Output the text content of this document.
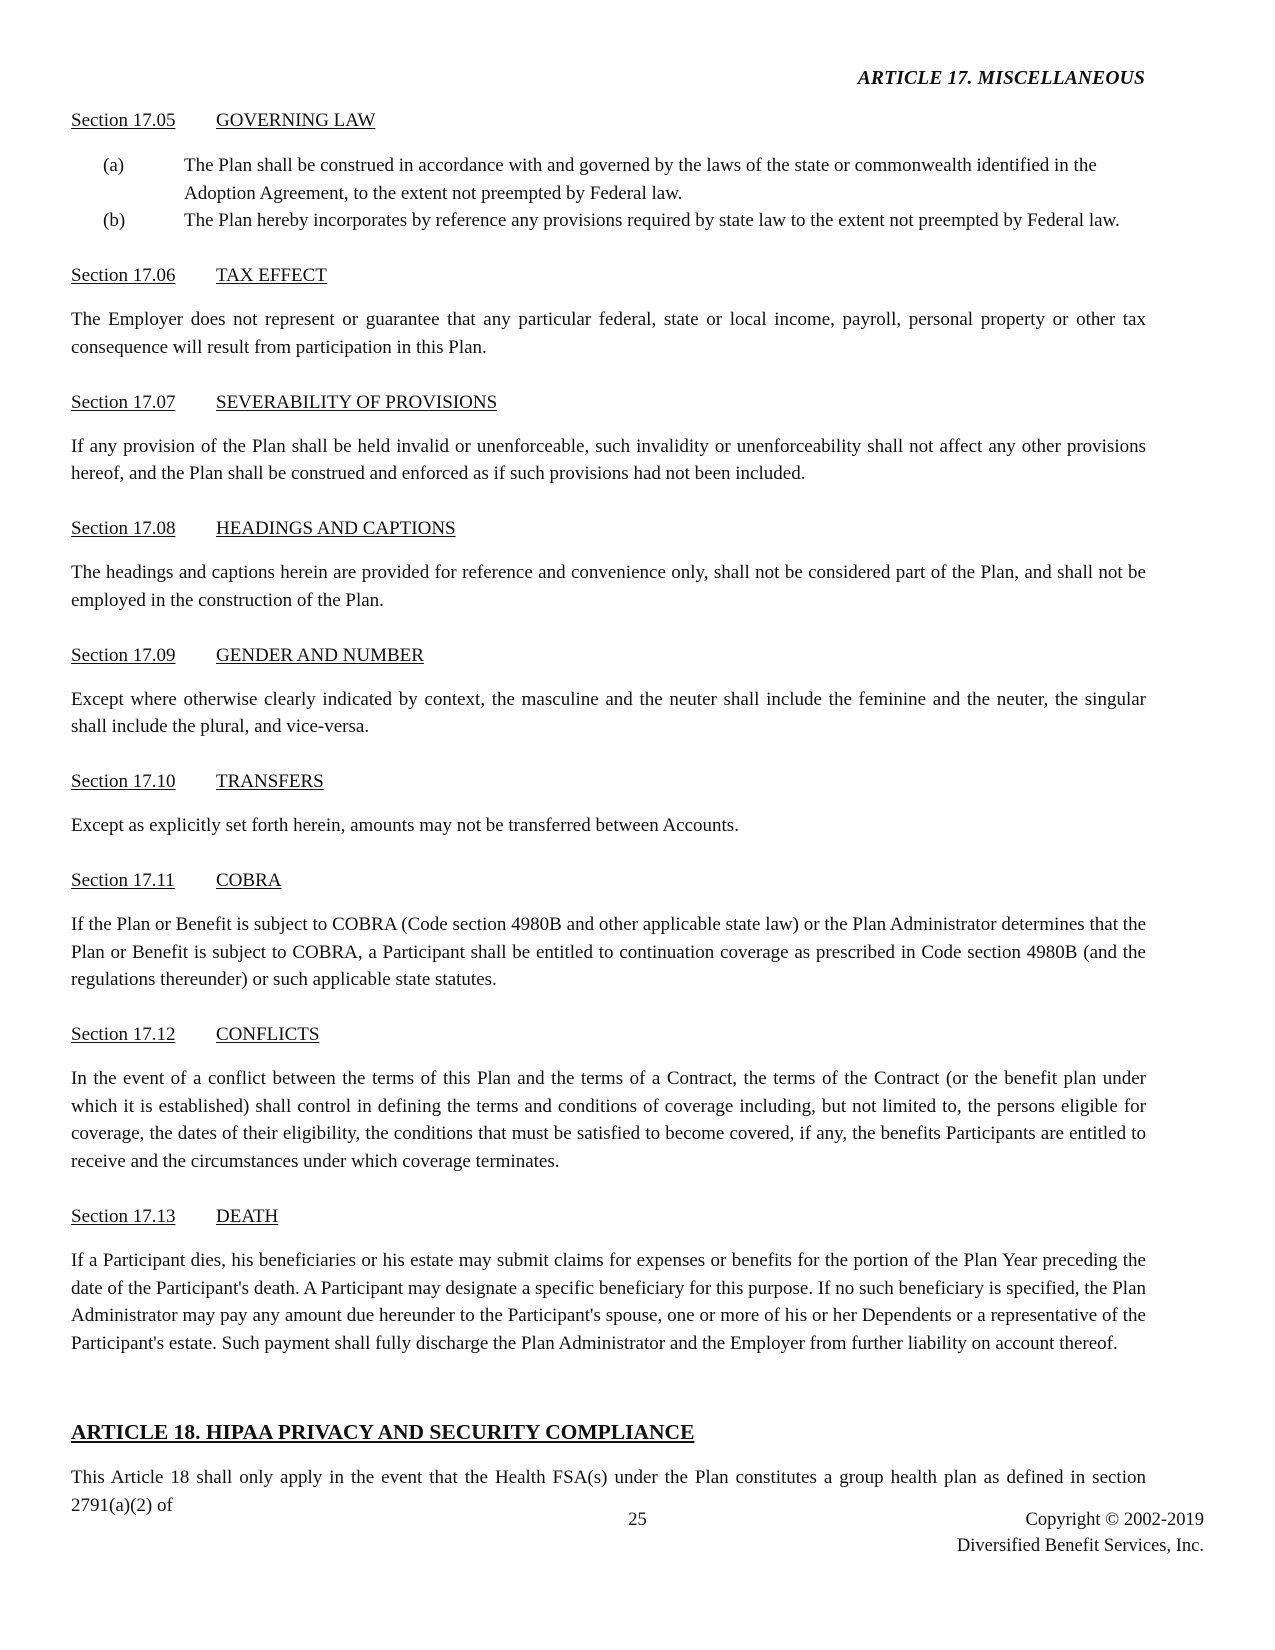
ARTICLE 17. MISCELLANEOUS
Section 17.05	GOVERNING LAW
(a)	The Plan shall be construed in accordance with and governed by the laws of the state or commonwealth identified in the Adoption Agreement, to the extent not preempted by Federal law.
(b)	The Plan hereby incorporates by reference any provisions required by state law to the extent not preempted by Federal law.
Section 17.06	TAX EFFECT

The Employer does not represent or guarantee that any particular federal, state or local income, payroll, personal property or other tax consequence will result from participation in this Plan.

Section 17.07	SEVERABILITY OF PROVISIONS

If any provision of the Plan shall be held invalid or unenforceable, such invalidity or unenforceability shall not affect any other provisions hereof, and the Plan shall be construed and enforced as if such provisions had not been included.

Section 17.08	HEADINGS AND CAPTIONS

The headings and captions herein are provided for reference and convenience only, shall not be considered part of the Plan, and shall not be employed in the construction of the Plan.

Section 17.09	GENDER AND NUMBER

Except where otherwise clearly indicated by context, the masculine and the neuter shall include the feminine and the neuter, the singular shall include the plural, and vice-versa.

Section 17.10	TRANSFERS

Except as explicitly set forth herein, amounts may not be transferred between Accounts.

Section 17.11	COBRA

If the Plan or Benefit is subject to COBRA (Code section 4980B and other applicable state law) or the Plan Administrator determines that the Plan or Benefit is subject to COBRA, a Participant shall be entitled to continuation coverage as prescribed in Code section 4980B (and the regulations thereunder) or such applicable state statutes.

Section 17.12	CONFLICTS

In the event of a conflict between the terms of this Plan and the terms of a Contract, the terms of the Contract (or the benefit plan under which it is established) shall control in defining the terms and conditions of coverage including, but not limited to, the persons eligible for coverage, the dates of their eligibility, the conditions that must be satisfied to become covered, if any, the benefits Participants are entitled to receive and the circumstances under which coverage terminates.

Section 17.13	DEATH

If a Participant dies, his beneficiaries or his estate may submit claims for expenses or benefits for the portion of the Plan Year preceding the date of the Participant's death. A Participant may designate a specific beneficiary for this purpose. If no such beneficiary is specified, the Plan Administrator may pay any amount due hereunder to the Participant's spouse, one or more of his or her Dependents or a representative of the Participant's estate. Such payment shall fully discharge the Plan Administrator and the Employer from further liability on account thereof.

ARTICLE 18. HIPAA PRIVACY AND SECURITY COMPLIANCE

This Article 18 shall only apply in the event that the Health FSA(s) under the Plan constitutes a group health plan as defined in section 2791(a)(2) of

25	Copyright © 2002-2019
Diversified Benefit Services, Inc.
